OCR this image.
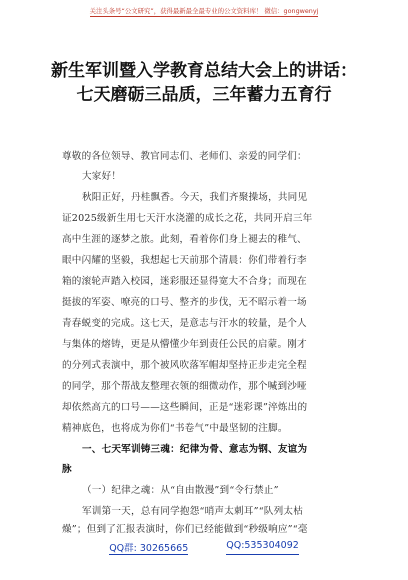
关注头条号“公文研究”，获得最新最全最专业的公文资料库！ 微信：gongwenyj
新生军训暨入学教育总结大会上的讲话：
七天磨砺三品质，三年蓄力五育行
尊敬的各位领导、教官同志们、老师们、亲爱的同学们：
大家好！
秋阳正好，丹桂飘香。今天，我们齐聚操场，共同见
证2025级新生用七天汗水浇灌的成长之花，共同开启三年
高中生涯的逐梦之旅。此刻，看着你们身上褪去的稚气、
眼中闪耀的坚毅，我想起七天前那个清晨：你们带着行李
箱的滚轮声踏入校园，迷彩服还显得宽大不合身；而现在
挺拔的军姿、嘹亮的口号、整齐的步伐，无不昭示着一场
青春蜕变的完成。这七天，是意志与汗水的较量，是个人
与集体的熔铸，更是从懵懂少年到责任公民的启蒙。刚才
的分列式表演中，那个被风吹落军帽却坚持正步走完全程
的同学，那个帮战友整理衣领的细微动作，那个喊到沙哑
却依然高亢的口号——这些瞬间，正是“迷彩课”淬炼出的
精神底色，也将成为你们“书卷气”中最坚韧的注脚。
一、七天军训铸三魂：纪律为骨、意志为钢、友谊为
脉
（一）纪律之魂：从“自由散漫”到“令行禁止”
军训第一天，总有同学抱怨“哨声太刺耳”“队列太枯
燥”；但到了汇报表演时，你们已经能做到“秒级响应”“毫
QQ群: 30265665	QQ:535304092
